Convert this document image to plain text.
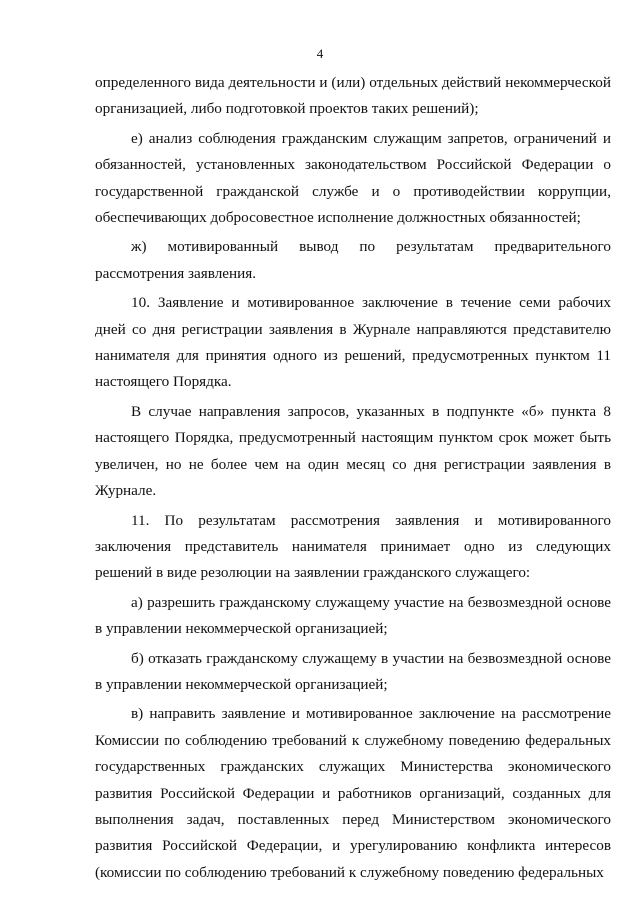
4

определенного вида деятельности и (или) отдельных действий некоммерческой организацией, либо подготовкой проектов таких решений);

е) анализ соблюдения гражданским служащим запретов, ограничений и обязанностей, установленных законодательством Российской Федерации о государственной гражданской службе и о противодействии коррупции, обеспечивающих добросовестное исполнение должностных обязанностей;

ж) мотивированный вывод по результатам предварительного рассмотрения заявления.

10. Заявление и мотивированное заключение в течение семи рабочих дней со дня регистрации заявления в Журнале направляются представителю нанимателя для принятия одного из решений, предусмотренных пунктом 11 настоящего Порядка.

В случае направления запросов, указанных в подпункте «б» пункта 8 настоящего Порядка, предусмотренный настоящим пунктом срок может быть увеличен, но не более чем на один месяц со дня регистрации заявления в Журнале.

11. По результатам рассмотрения заявления и мотивированного заключения представитель нанимателя принимает одно из следующих решений в виде резолюции на заявлении гражданского служащего:

а) разрешить гражданскому служащему участие на безвозмездной основе в управлении некоммерческой организацией;

б) отказать гражданскому служащему в участии на безвозмездной основе в управлении некоммерческой организацией;

в) направить заявление и мотивированное заключение на рассмотрение Комиссии по соблюдению требований к служебному поведению федеральных государственных гражданских служащих Министерства экономического развития Российской Федерации и работников организаций, созданных для выполнения задач, поставленных перед Министерством экономического развития Российской Федерации, и урегулированию конфликта интересов (комиссии по соблюдению требований к служебному поведению федеральных
